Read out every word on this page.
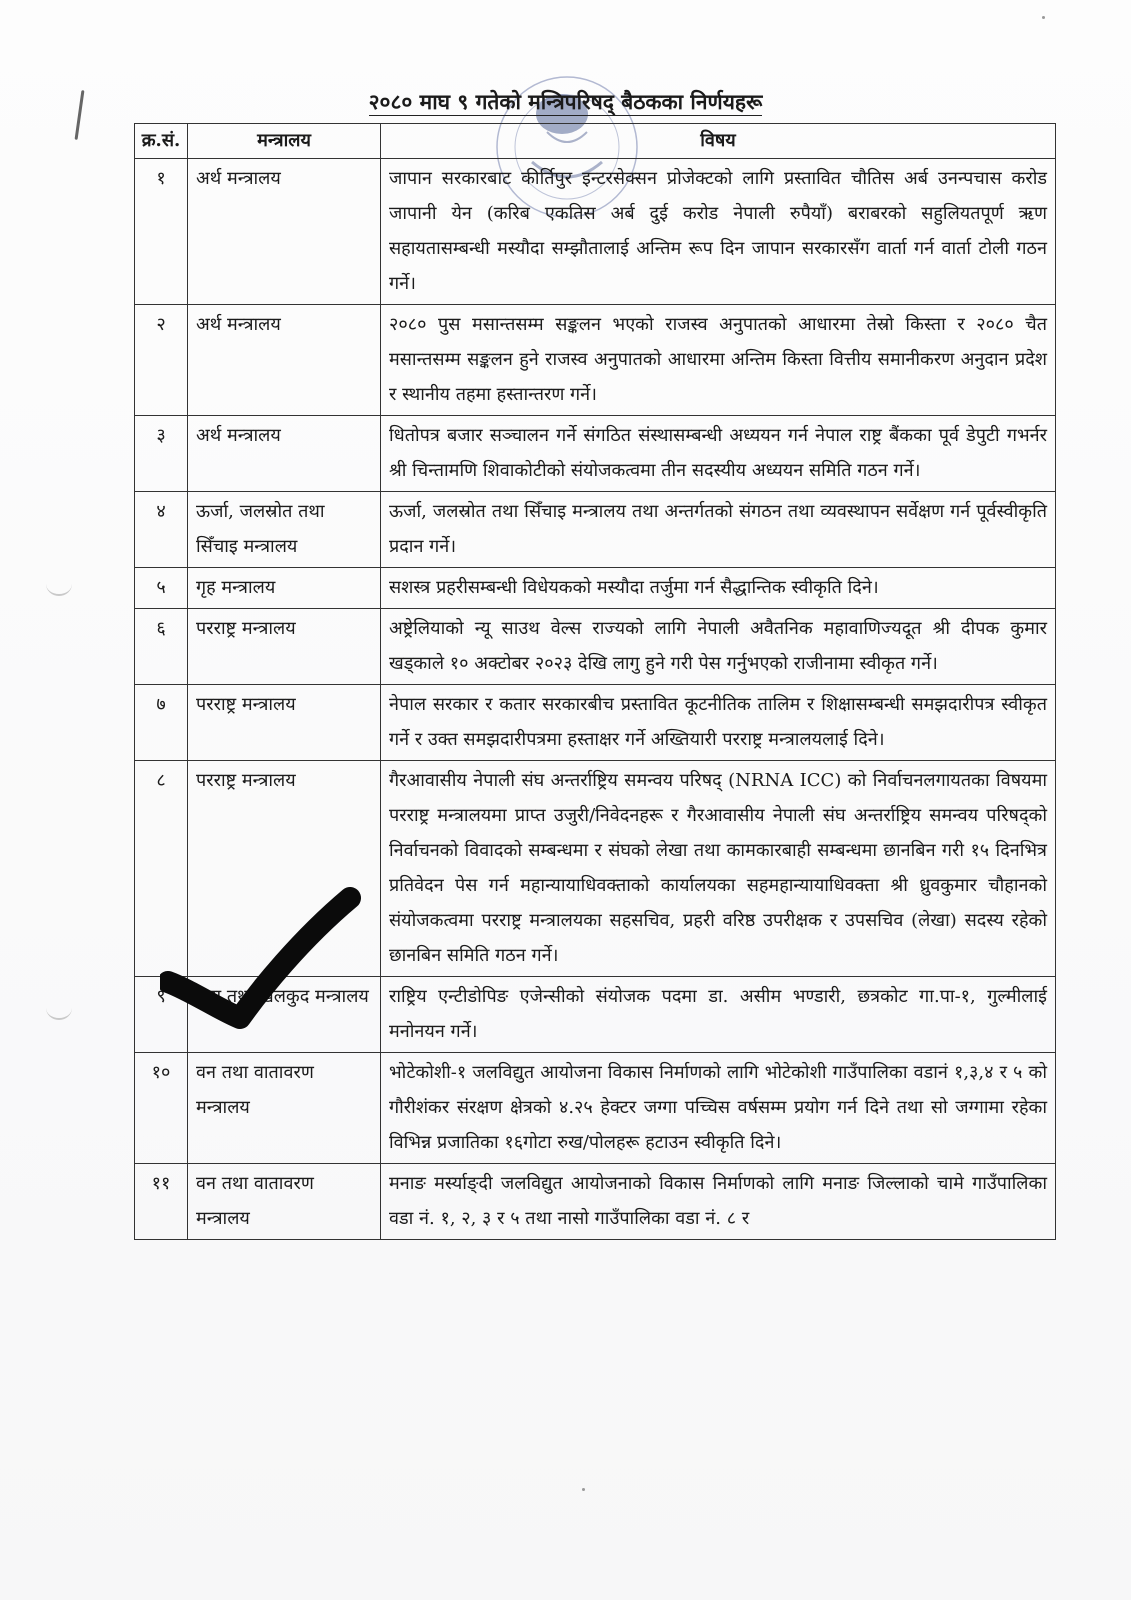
२०८० माघ ९ गतेको मन्त्रिपरिषद् बैठकका निर्णयहरू
क्र.सं.	मन्त्रालय	विषय
१	अर्थ मन्त्रालय	जापान सरकारबाट कीर्तिपुर इन्टरसेक्सन प्रोजेक्टको लागि प्रस्तावित चौतिस अर्ब उनन्पचास करोड जापानी येन (करिब एकतिस अर्ब दुई करोड नेपाली रुपैयाँ) बराबरको सहुलियतपूर्ण ऋण सहायतासम्बन्धी मस्यौदा सम्झौतालाई अन्तिम रूप दिन जापान सरकारसँग वार्ता गर्न वार्ता टोली गठन गर्ने।
२	अर्थ मन्त्रालय	२०८० पुस मसान्तसम्म सङ्कलन भएको राजस्व अनुपातको आधारमा तेस्रो किस्ता र २०८० चैत मसान्तसम्म सङ्कलन हुने राजस्व अनुपातको आधारमा अन्तिम किस्ता वित्तीय समानीकरण अनुदान प्रदेश र स्थानीय तहमा हस्तान्तरण गर्ने।
३	अर्थ मन्त्रालय	धितोपत्र बजार सञ्चालन गर्ने संगठित संस्थासम्बन्धी अध्ययन गर्न नेपाल राष्ट्र बैंकका पूर्व डेपुटी गभर्नर श्री चिन्तामणि शिवाकोटीको संयोजकत्वमा तीन सदस्यीय अध्ययन समिति गठन गर्ने।
४	ऊर्जा, जलस्रोत तथा सिँचाइ मन्त्रालय	ऊर्जा, जलस्रोत तथा सिँचाइ मन्त्रालय तथा अन्तर्गतको संगठन तथा व्यवस्थापन सर्वेक्षण गर्न पूर्वस्वीकृति प्रदान गर्ने।
५	गृह मन्त्रालय	सशस्त्र प्रहरीसम्बन्धी विधेयकको मस्यौदा तर्जुमा गर्न सैद्धान्तिक स्वीकृति दिने।
६	परराष्ट्र मन्त्रालय	अष्ट्रेलियाको न्यू साउथ वेल्स राज्यको लागि नेपाली अवैतनिक महावाणिज्यदूत श्री दीपक कुमार खड्काले १० अक्टोबर २०२३ देखि लागु हुने गरी पेस गर्नुभएको राजीनामा स्वीकृत गर्ने।
७	परराष्ट्र मन्त्रालय	नेपाल सरकार र कतार सरकारबीच प्रस्तावित कूटनीतिक तालिम र शिक्षासम्बन्धी समझदारीपत्र स्वीकृत गर्ने र उक्त समझदारीपत्रमा हस्ताक्षर गर्ने अख्तियारी परराष्ट्र मन्त्रालयलाई दिने।
८	परराष्ट्र मन्त्रालय	गैरआवासीय नेपाली संघ अन्तर्राष्ट्रिय समन्वय परिषद् (NRNA ICC) को निर्वाचनलगायतका विषयमा परराष्ट्र मन्त्रालयमा प्राप्त उजुरी/निवेदनहरू र गैरआवासीय नेपाली संघ अन्तर्राष्ट्रिय समन्वय परिषद्को निर्वाचनको विवादको सम्बन्धमा र संघको लेखा तथा कामकारबाही सम्बन्धमा छानबिन गरी १५ दिनभित्र प्रतिवेदन पेस गर्न महान्यायाधिवक्ताको कार्यालयका सहमहान्यायाधिवक्ता श्री ध्रुवकुमार चौहानको संयोजकत्वमा परराष्ट्र मन्त्रालयका सहसचिव, प्रहरी वरिष्ठ उपरीक्षक र उपसचिव (लेखा) सदस्य रहेको छानबिन समिति गठन गर्ने।
९	युवा तथा खेलकुद मन्त्रालय	राष्ट्रिय एन्टीडोपिङ एजेन्सीको संयोजक पदमा डा. असीम भण्डारी, छत्रकोट गा.पा-१, गुल्मीलाई मनोनयन गर्ने।
१०	वन तथा वातावरण मन्त्रालय	भोटेकोशी-१ जलविद्युत आयोजना विकास निर्माणको लागि भोटेकोशी गाउँपालिका वडानं १,३,४ र ५ को गौरीशंकर संरक्षण क्षेत्रको ४.२५ हेक्टर जग्गा पच्चिस वर्षसम्म प्रयोग गर्न दिने तथा सो जग्गामा रहेका विभिन्न प्रजातिका १६गोटा रुख/पोलहरू हटाउन स्वीकृति दिने।
११	वन तथा वातावरण मन्त्रालय	मनाङ मर्स्याङ्दी जलविद्युत आयोजनाको विकास निर्माणको लागि मनाङ जिल्लाको चामे गाउँपालिका वडा नं. १, २, ३ र ५ तथा नासो गाउँपालिका वडा नं. ८ र
